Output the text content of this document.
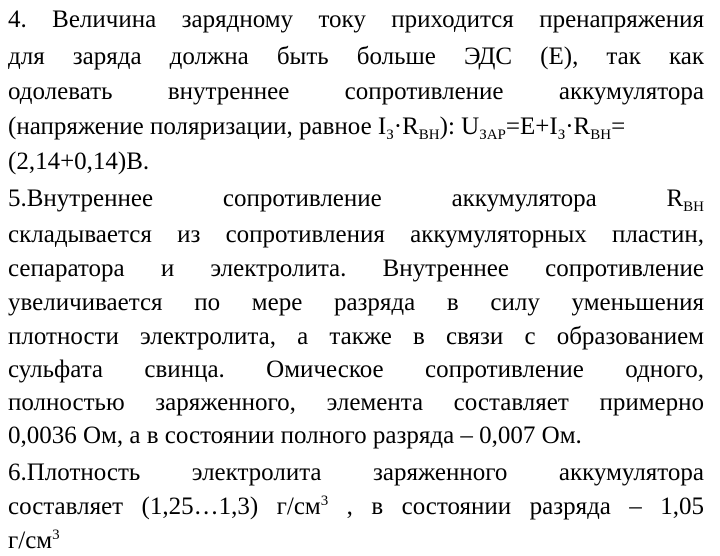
4. Величина зарядному току приходится пренапряжения
для заряда должна быть больше ЭДС (Е), так как
одолевать внутреннее сопротивление аккумулятора
(напряжение поляризации, равное $I_З\cdot R_{ВН}$): $U_{ЗАР}=E+I_З\cdot R_{ВН}=$
(2,14+0,14)В.
5.Внутреннее сопротивление аккумулятора $R_{ВН}$
складывается из сопротивления аккумуляторных пластин,
сепаратора и электролита. Внутреннее сопротивление
увеличивается по мере разряда в силу уменьшения
плотности электролита, а также в связи с образованием
сульфата свинца. Омическое сопротивление одного,
полностью заряженного, элемента составляет примерно
0,0036 Ом, а в состоянии полного разряда – 0,007 Ом.
6.Плотность электролита заряженного аккумулятора
составляет (1,25…1,3) $г/см^3$ , в состоянии разряда – 1,05
$г/см^3$
